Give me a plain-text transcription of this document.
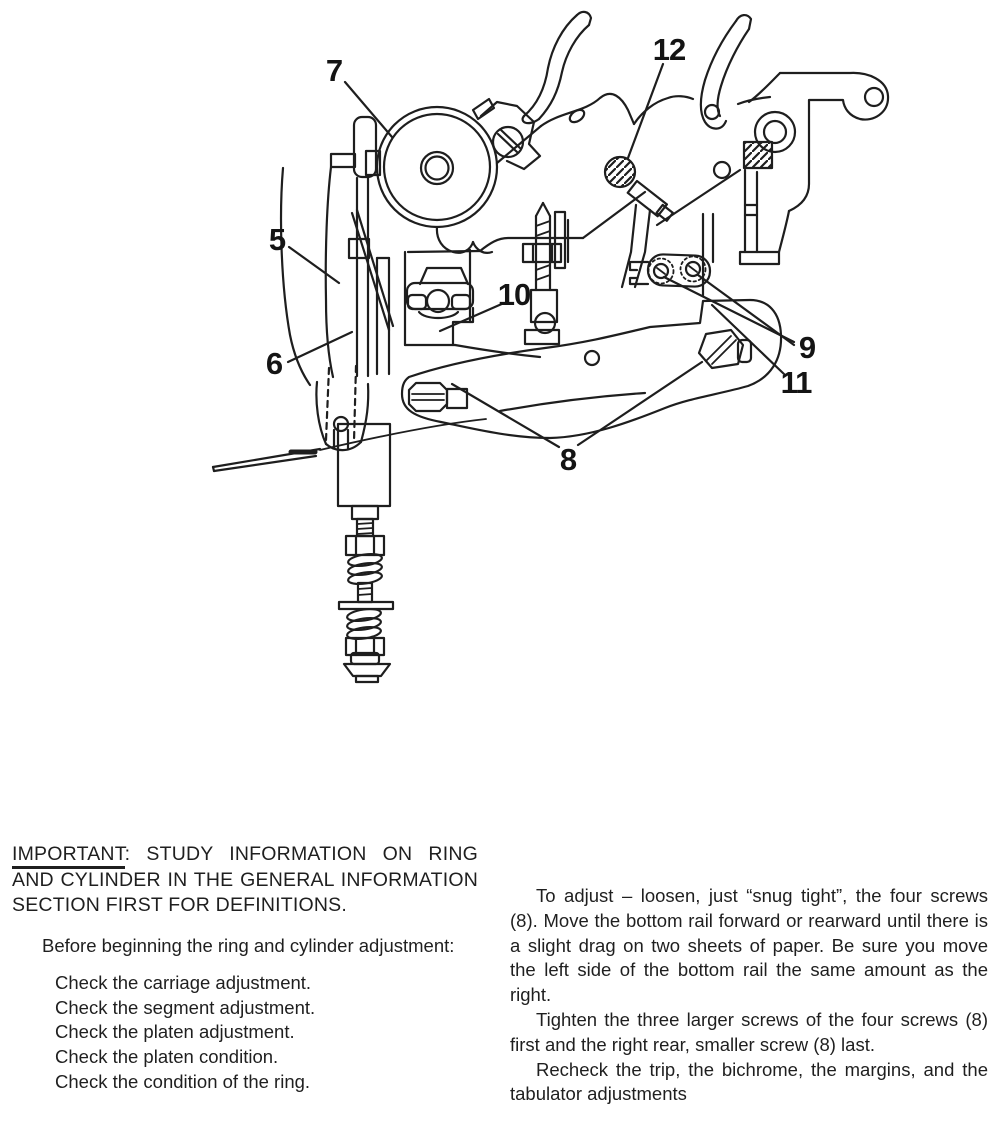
5
6
7
8
9
10
11
12
IMPORTANT: STUDY INFORMATION ON RING AND CYLINDER IN THE GENERAL INFORMATION SECTION FIRST FOR DEFINITIONS.

Before beginning the ring and cylinder adjustment:

Check the carriage adjustment.
Check the segment adjustment.
Check the platen adjustment.
Check the platen condition.
Check the condition of the ring.

To adjust – loosen, just “snug tight”, the four screws (8). Move the bottom rail forward or rearward until there is a slight drag on two sheets of paper. Be sure you move the left side of the bottom rail the same amount as the right.

Tighten the three larger screws of the four screws (8) first and the right rear, smaller screw (8) last.

Recheck the trip, the bichrome, the margins, and the tabulator adjustments
